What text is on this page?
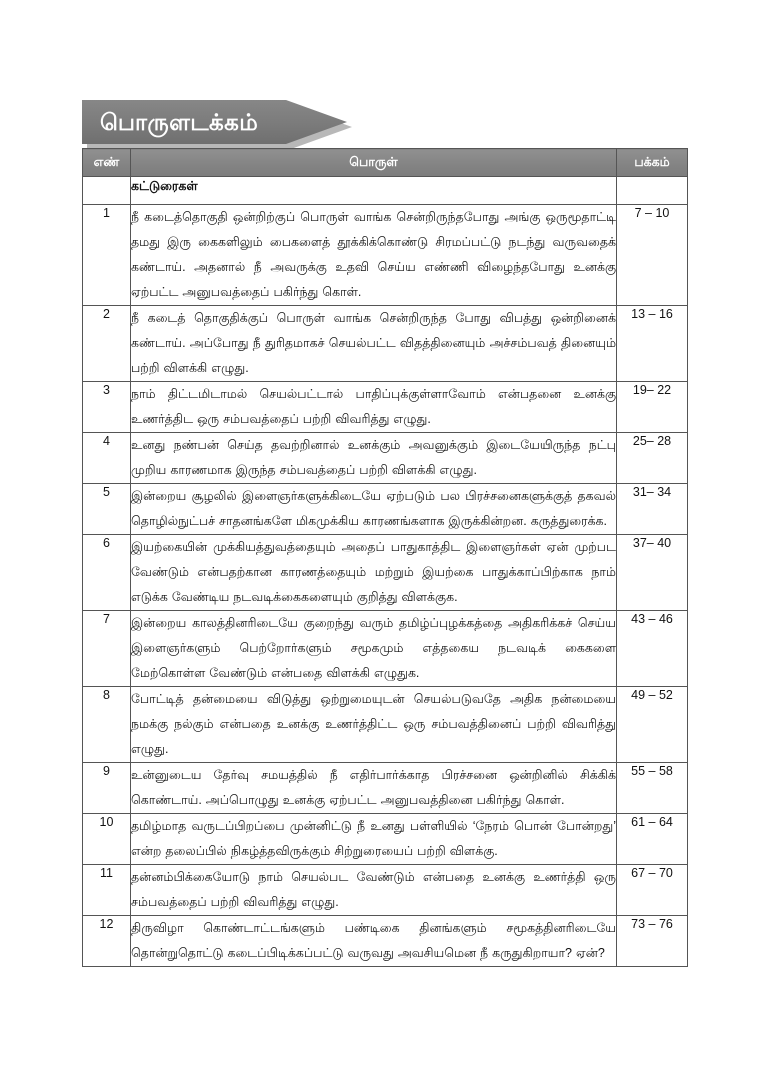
பொருளடக்கம்
எண்	பொருள்	பக்கம்
	கட்டுரைகள்	
1	நீ கடைத்தொகுதி ஒன்றிற்குப் பொருள் வாங்க சென்றிருந்தபோது அங்கு ஒருமூதாட்டி தமது இரு கைகளிலும் பைகளைத் தூக்கிக்கொண்டு சிரமப்பட்டு நடந்து வருவதைக் கண்டாய். அதனால் நீ அவருக்கு உதவி செய்ய எண்ணி விழைந்தபோது உனக்கு ஏற்பட்ட அனுபவத்தைப் பகிர்ந்து கொள்.	7 – 10
2	நீ கடைத் தொகுதிக்குப் பொருள் வாங்க சென்றிருந்த போது விபத்து ஒன்றினைக் கண்டாய். அப்போது நீ துரிதமாகச் செயல்பட்ட விதத்தினையும் அச்சம்பவத் தினையும் பற்றி விளக்கி எழுது.	13 – 16
3	நாம் திட்டமிடாமல் செயல்பட்டால் பாதிப்புக்குள்ளாவோம் என்பதனை உனக்கு உணர்த்திட ஒரு சம்பவத்தைப் பற்றி விவரித்து எழுது.	19– 22
4	உனது நண்பன் செய்த தவற்றினால் உனக்கும் அவனுக்கும் இடையேயிருந்த நட்பு முறிய காரணமாக இருந்த சம்பவத்தைப் பற்றி விளக்கி எழுது.	25– 28
5	இன்றைய சூழலில் இளைஞர்களுக்கிடையே ஏற்படும் பல பிரச்சனைகளுக்குத் தகவல் தொழில்நுட்பச் சாதனங்களே மிகமுக்கிய காரணங்களாக இருக்கின்றன. கருத்துரைக்க.	31– 34
6	இயற்கையின் முக்கியத்துவத்தையும் அதைப் பாதுகாத்திட இளைஞர்கள் ஏன் முற்பட வேண்டும் என்பதற்கான காரணத்தையும் மற்றும் இயற்கை பாதுக்காப்பிற்காக நாம் எடுக்க வேண்டிய நடவடிக்கைகளையும் குறித்து விளக்குக.	37– 40
7	இன்றைய காலத்தினரிடையே குறைந்து வரும் தமிழ்ப்புழக்கத்தை அதிகரிக்கச் செய்ய இளைஞர்களும் பெற்றோர்களும் சமூகமும் எத்தகைய நடவடிக் கைகளை மேற்கொள்ள வேண்டும் என்பதை விளக்கி எழுதுக.	43 – 46
8	போட்டித் தன்மையை விடுத்து ஒற்றுமையுடன் செயல்படுவதே அதிக நன்மையை நமக்கு நல்கும் என்பதை உனக்கு உணர்த்திட்ட ஒரு சம்பவத்தினைப் பற்றி விவரித்து எழுது.	49 – 52
9	உன்னுடைய தேர்வு சமயத்தில் நீ எதிர்பார்க்காத பிரச்சனை ஒன்றினில் சிக்கிக் கொண்டாய். அப்பொழுது உனக்கு ஏற்பட்ட அனுபவத்தினை பகிர்ந்து கொள்.	55 – 58
10	தமிழ்மாத வருடப்பிறப்பை முன்னிட்டு நீ உனது பள்ளியில் ‘நேரம் பொன் போன்றது’ என்ற தலைப்பில் நிகழ்த்தவிருக்கும் சிற்றுரையைப் பற்றி விளக்கு.	61 – 64
11	தன்னம்பிக்கையோடு நாம் செயல்பட வேண்டும் என்பதை உனக்கு உணர்த்தி ஒரு சம்பவத்தைப் பற்றி விவரித்து எழுது.	67 – 70
12	திருவிழா கொண்டாட்டங்களும் பண்டிகை தினங்களும் சமூகத்தினரிடையே தொன்றுதொட்டு கடைப்பிடிக்கப்பட்டு வருவது அவசியமென நீ கருதுகிறாயா? ஏன்?	73 – 76
